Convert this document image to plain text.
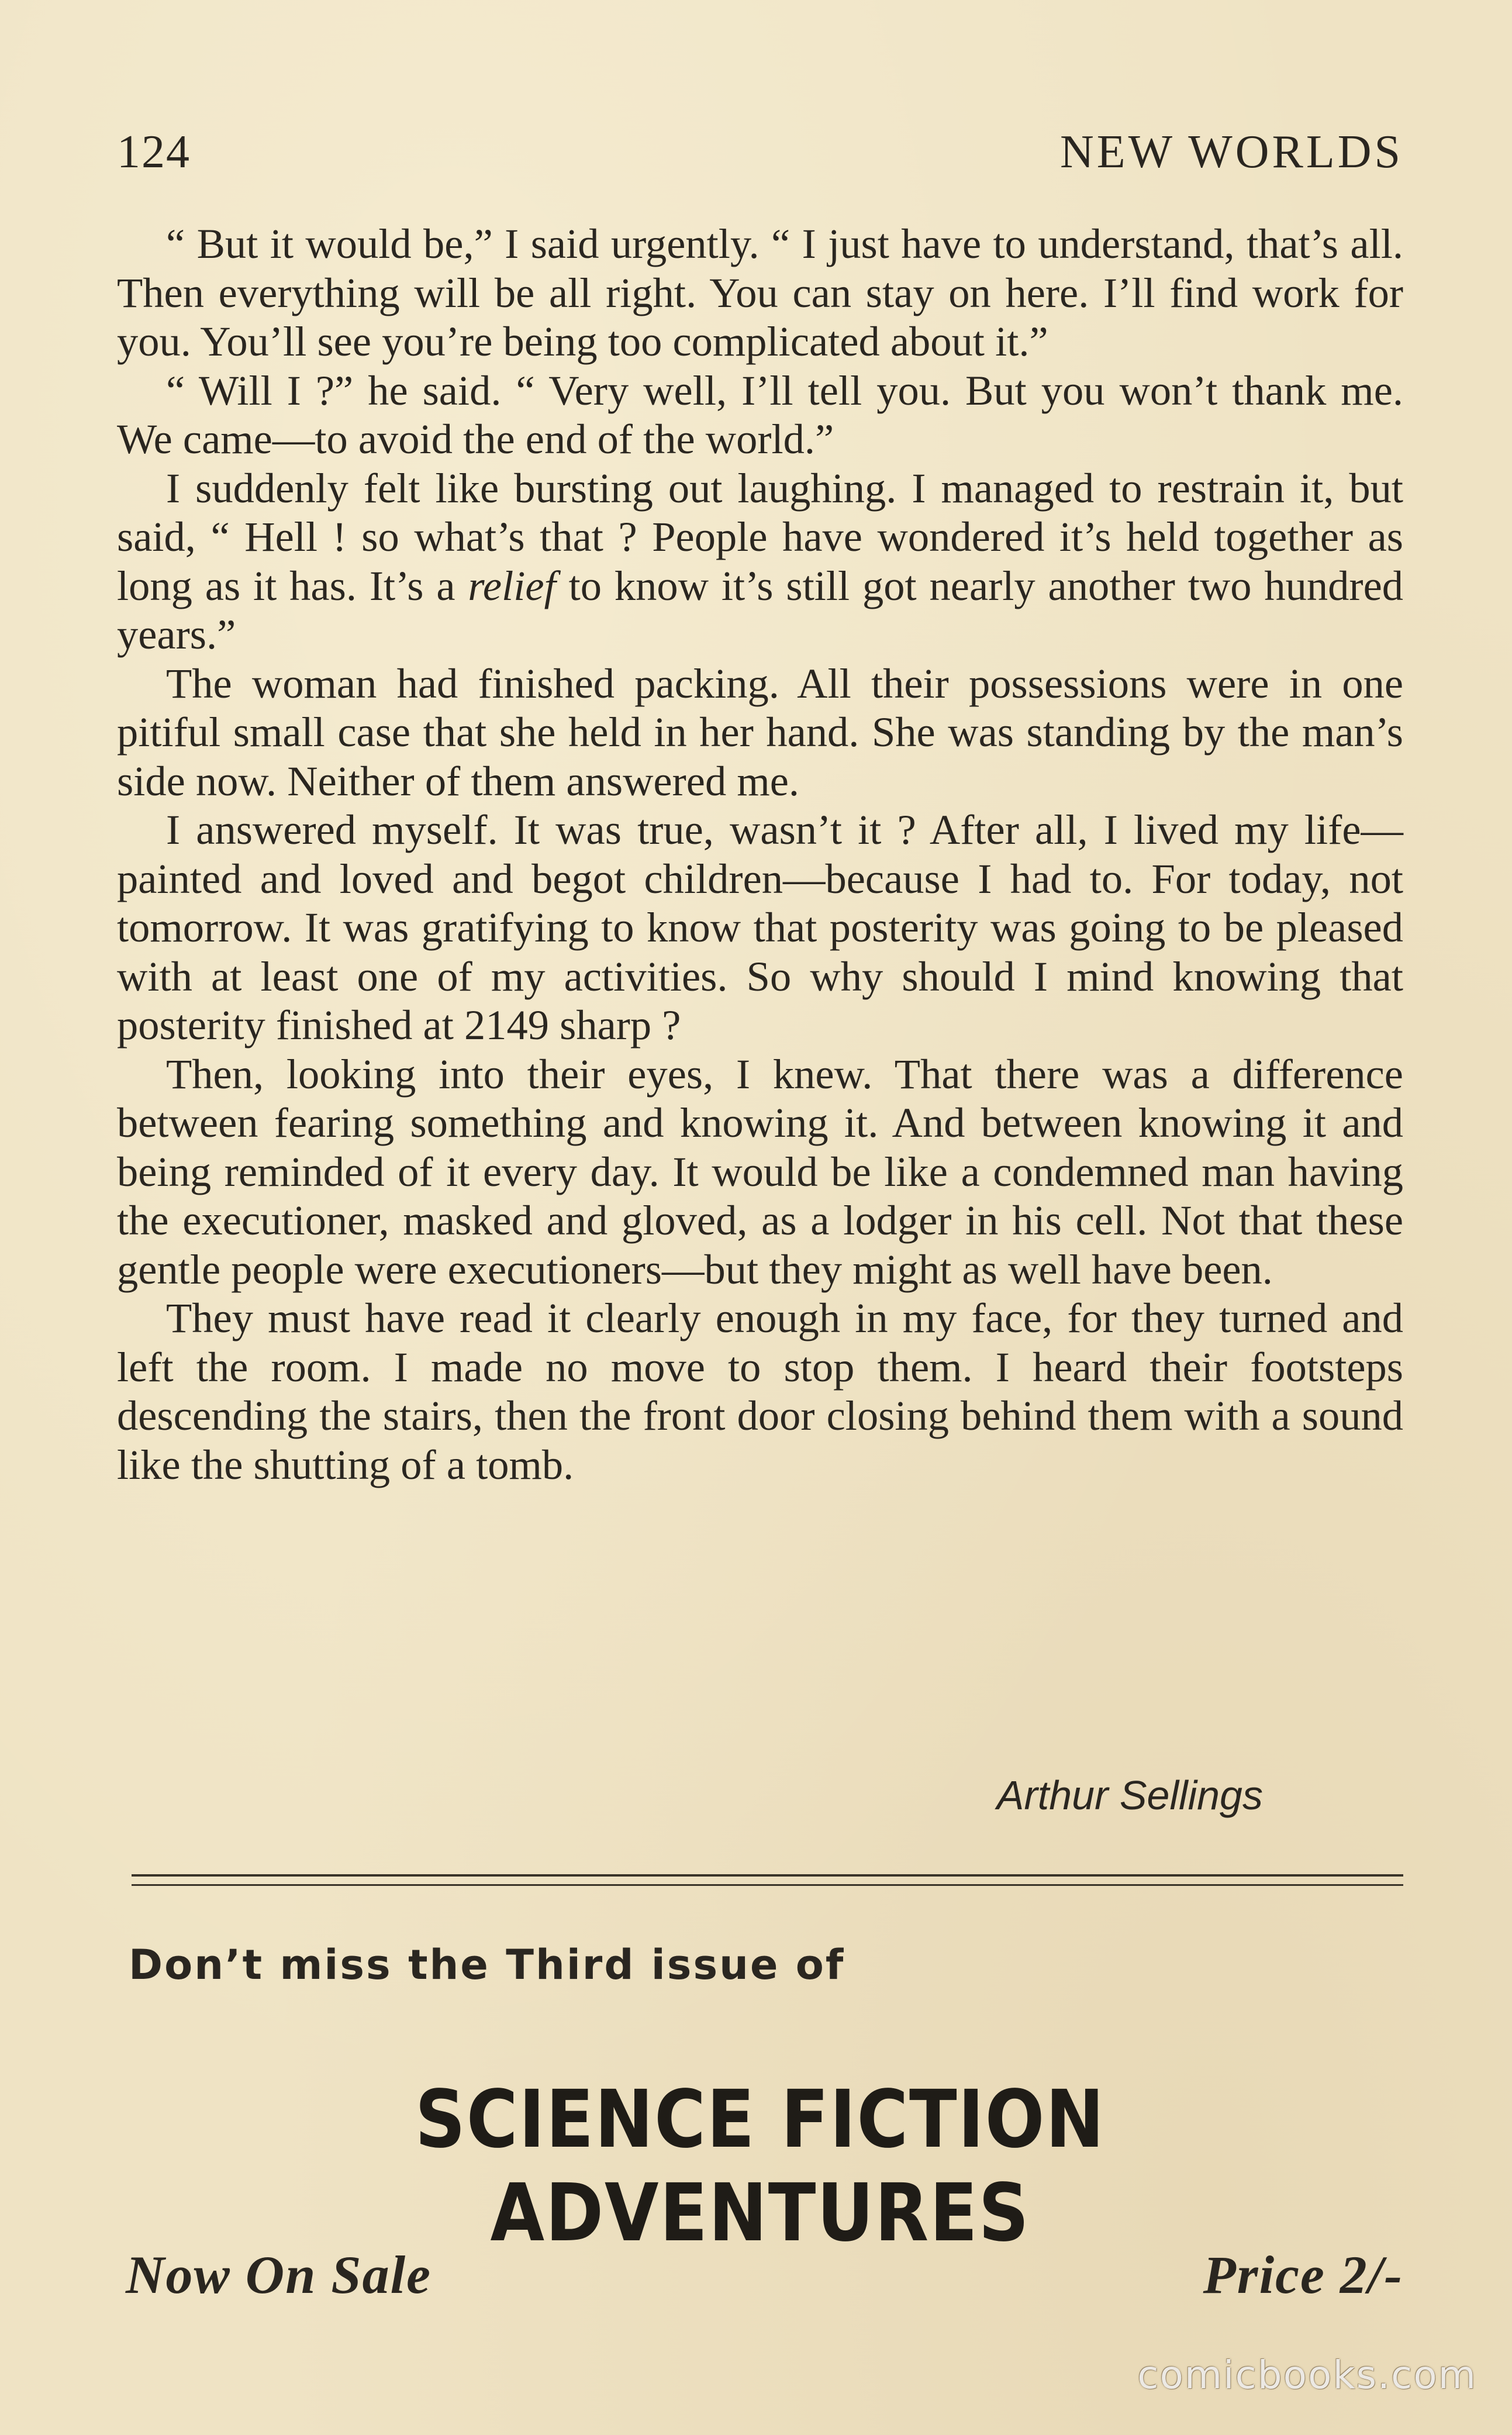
124	NEW WORLDS

“ But it would be,” I said urgently. “ I just have to understand, that’s all. Then everything will be all right. You can stay on here. I’ll find work for you. You’ll see you’re being too complicated about it.”

“ Will I ?” he said. “ Very well, I’ll tell you. But you won’t thank me. We came—to avoid the end of the world.”

I suddenly felt like bursting out laughing. I managed to restrain it, but said, “ Hell ! so what’s that ? People have wondered it’s held together as long as it has. It’s a relief to know it’s still got nearly another two hundred years.”

The woman had finished packing. All their possessions were in one pitiful small case that she held in her hand. She was standing by the man’s side now. Neither of them answered me.

I answered myself. It was true, wasn’t it ? After all, I lived my life—painted and loved and begot children—because I had to. For today, not tomorrow. It was gratifying to know that posterity was going to be pleased with at least one of my activities. So why should I mind knowing that posterity finished at 2149 sharp ?

Then, looking into their eyes, I knew. That there was a difference between fearing something and knowing it. And between knowing it and being reminded of it every day. It would be like a condemned man having the executioner, masked and gloved, as a lodger in his cell. Not that these gentle people were executioners—but they might as well have been.

They must have read it clearly enough in my face, for they turned and left the room. I made no move to stop them. I heard their footsteps descending the stairs, then the front door closing behind them with a sound like the shutting of a tomb.

Arthur Sellings
Don’t miss the Third issue of
SCIENCE FICTION ADVENTURES
Now On Sale	Price 2/-
comicbooks.com
